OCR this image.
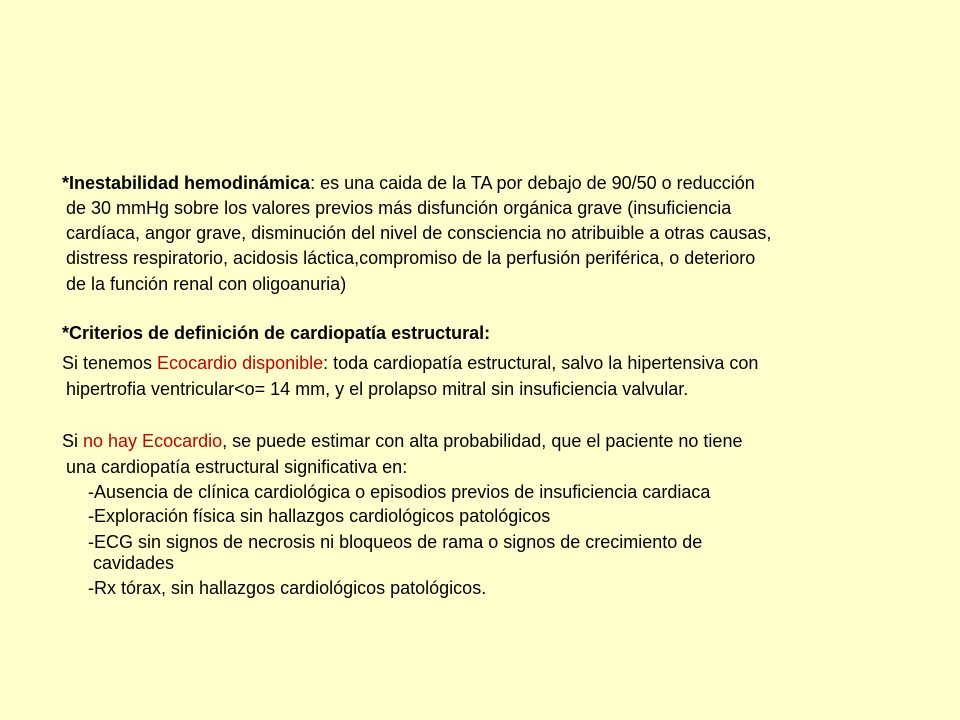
*Inestabilidad hemodinámica: es una caida de la TA por debajo de 90/50 o reducción
de 30 mmHg sobre los valores previos más disfunción orgánica grave (insuficiencia
cardíaca, angor grave, disminución del nivel de consciencia no atribuible a otras causas,
distress respiratorio, acidosis láctica,compromiso de la perfusión periférica, o deterioro
de la función renal con oligoanuria)
*Criterios de definición de cardiopatía estructural:
Si tenemos Ecocardio disponible: toda cardiopatía estructural, salvo la hipertensiva con
hipertrofia ventricular<o= 14 mm, y el prolapso mitral sin insuficiencia valvular.
Si no hay Ecocardio, se puede estimar con alta probabilidad, que el paciente no tiene
una cardiopatía estructural significativa en:
-Ausencia de clínica cardiológica o episodios previos de insuficiencia cardiaca
-Exploración física sin hallazgos cardiológicos patológicos
-ECG sin signos de necrosis ni bloqueos de rama o signos de crecimiento de
cavidades
-Rx tórax, sin hallazgos cardiológicos patológicos.
